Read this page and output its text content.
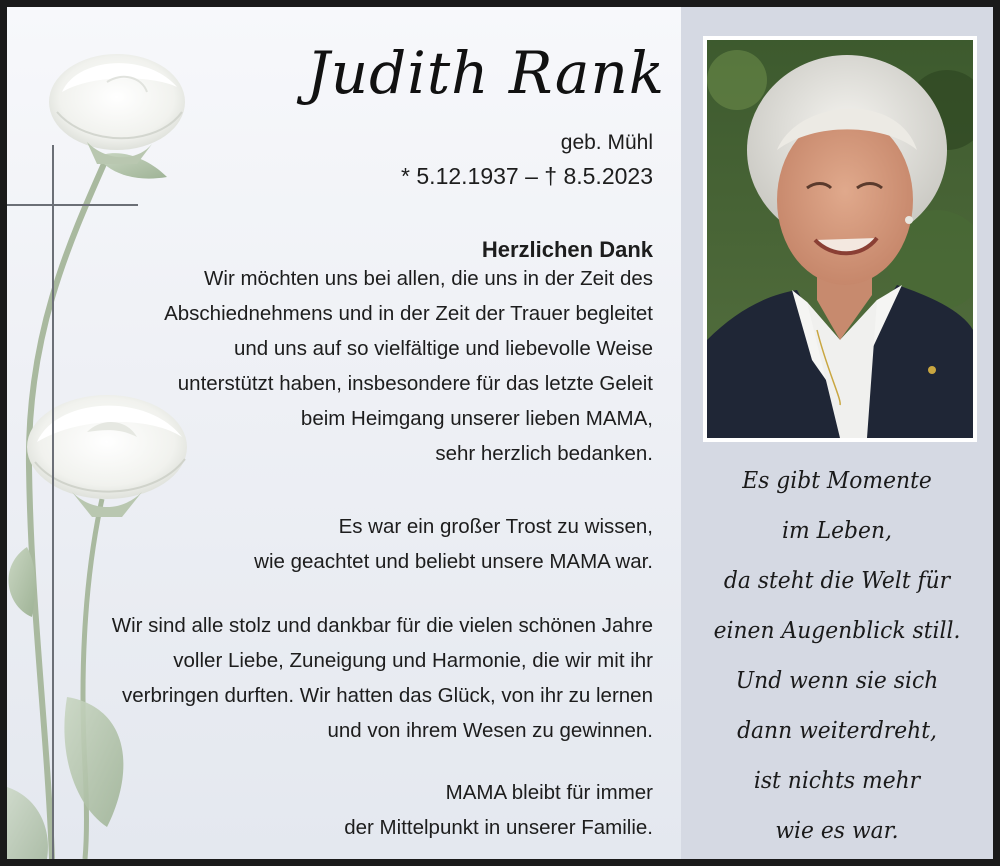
Judith Rank
geb. Mühl
* 5.12.1937 – † 8.5.2023
Herzlichen Dank
Wir möchten uns bei allen, die uns in der Zeit des
Abschiednehmens und in der Zeit der Trauer begleitet
und uns auf so vielfältige und liebevolle Weise
unterstützt haben, insbesondere für das letzte Geleit
beim Heimgang unserer lieben MAMA,
sehr herzlich bedanken.
Es war ein großer Trost zu wissen,
wie geachtet und beliebt unsere MAMA war.
Wir sind alle stolz und dankbar für die vielen schönen Jahre
voller Liebe, Zuneigung und Harmonie, die wir mit ihr
verbringen durften. Wir hatten das Glück, von ihr zu lernen
und von ihrem Wesen zu gewinnen.
MAMA bleibt für immer
der Mittelpunkt in unserer Familie.
Es gibt Momente
im Leben,
da steht die Welt für
einen Augenblick still.
Und wenn sie sich
dann weiterdreht,
ist nichts mehr
wie es war.
